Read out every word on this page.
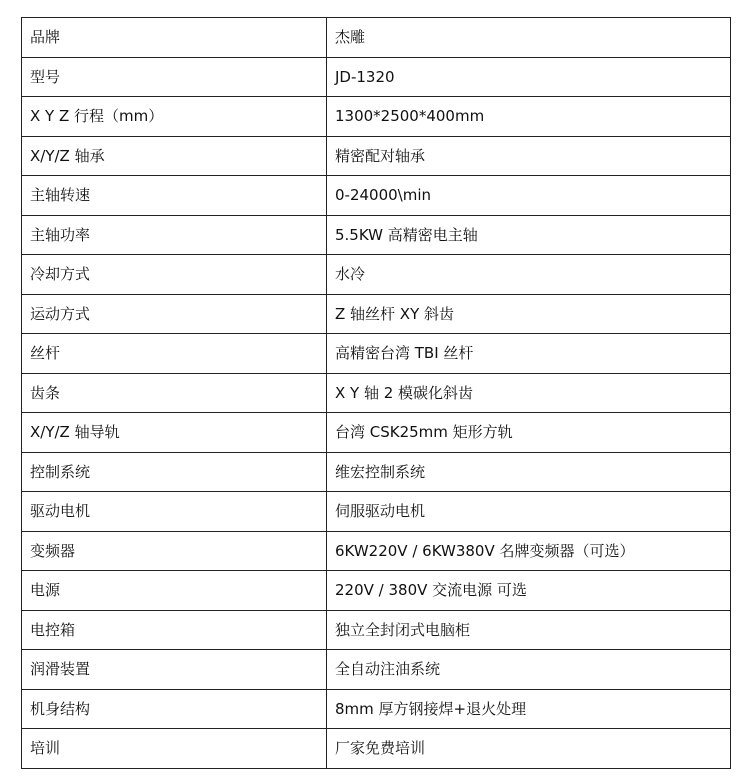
品牌	杰雕
型号	JD-1320
X Y Z 行程（mm）	1300*2500*400mm
X/Y/Z 轴承	精密配对轴承
主轴转速	0-24000\min
主轴功率	5.5KW 高精密电主轴
冷却方式	水冷
运动方式	Z 轴丝杆 XY 斜齿
丝杆	高精密台湾 TBI 丝杆
齿条	X Y 轴 2 模碳化斜齿
X/Y/Z 轴导轨	台湾 CSK25mm 矩形方轨
控制系统	维宏控制系统
驱动电机	伺服驱动电机
变频器	6KW220V / 6KW380V 名牌变频器（可选）
电源	220V / 380V 交流电源 可选
电控箱	独立全封闭式电脑柜
润滑装置	全自动注油系统
机身结构	8mm 厚方钢接焊+退火处理
培训	厂家免费培训
